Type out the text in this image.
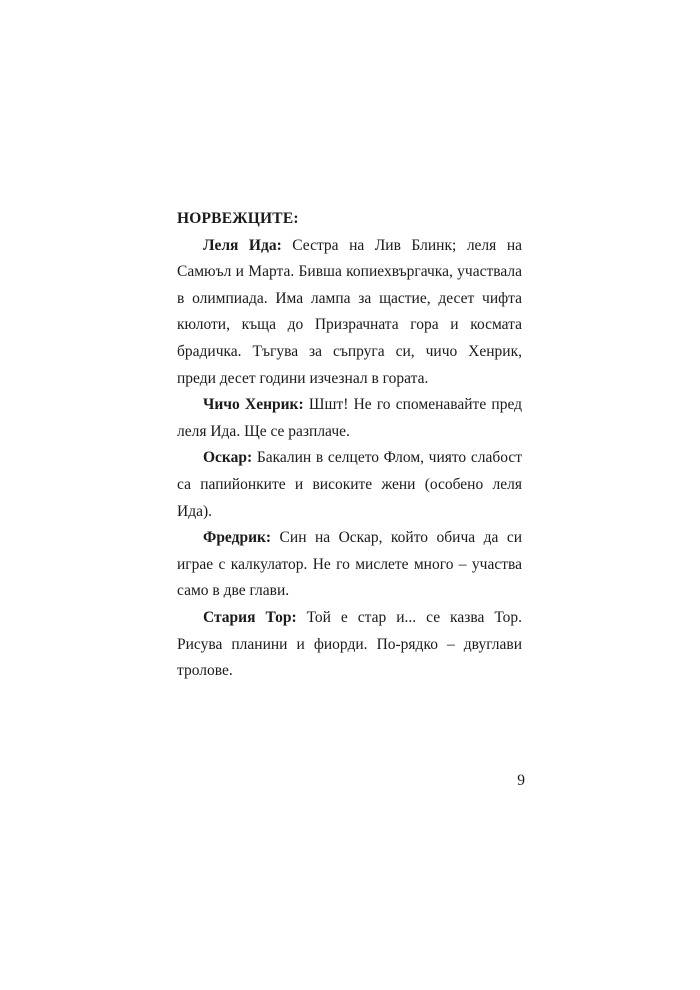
НОРВЕЖЦИТЕ:

Леля Ида: Сестра на Лив Блинк; леля на Самюъл и Марта. Бивша копиехвъргачка, участвала в олимпиада. Има лампа за щастие, десет чифта кюлоти, къща до Призрачната гора и космата брадичка. Тъгува за съпруга си, чичо Хенрик, преди десет години изчезнал в гората.

Чичо Хенрик: Шшт! Не го споменавайте пред леля Ида. Ще се разплаче.

Оскар: Бакалин в селцето Флом, чиято слабост са папийонките и високите жени (особено леля Ида).

Фредрик: Син на Оскар, който обича да си играе с калкулатор. Не го мислете много – участва само в две глави.

Стария Тор: Той е стар и... се казва Тор. Рисува планини и фиорди. По-рядко – двуглави тролове.

9
